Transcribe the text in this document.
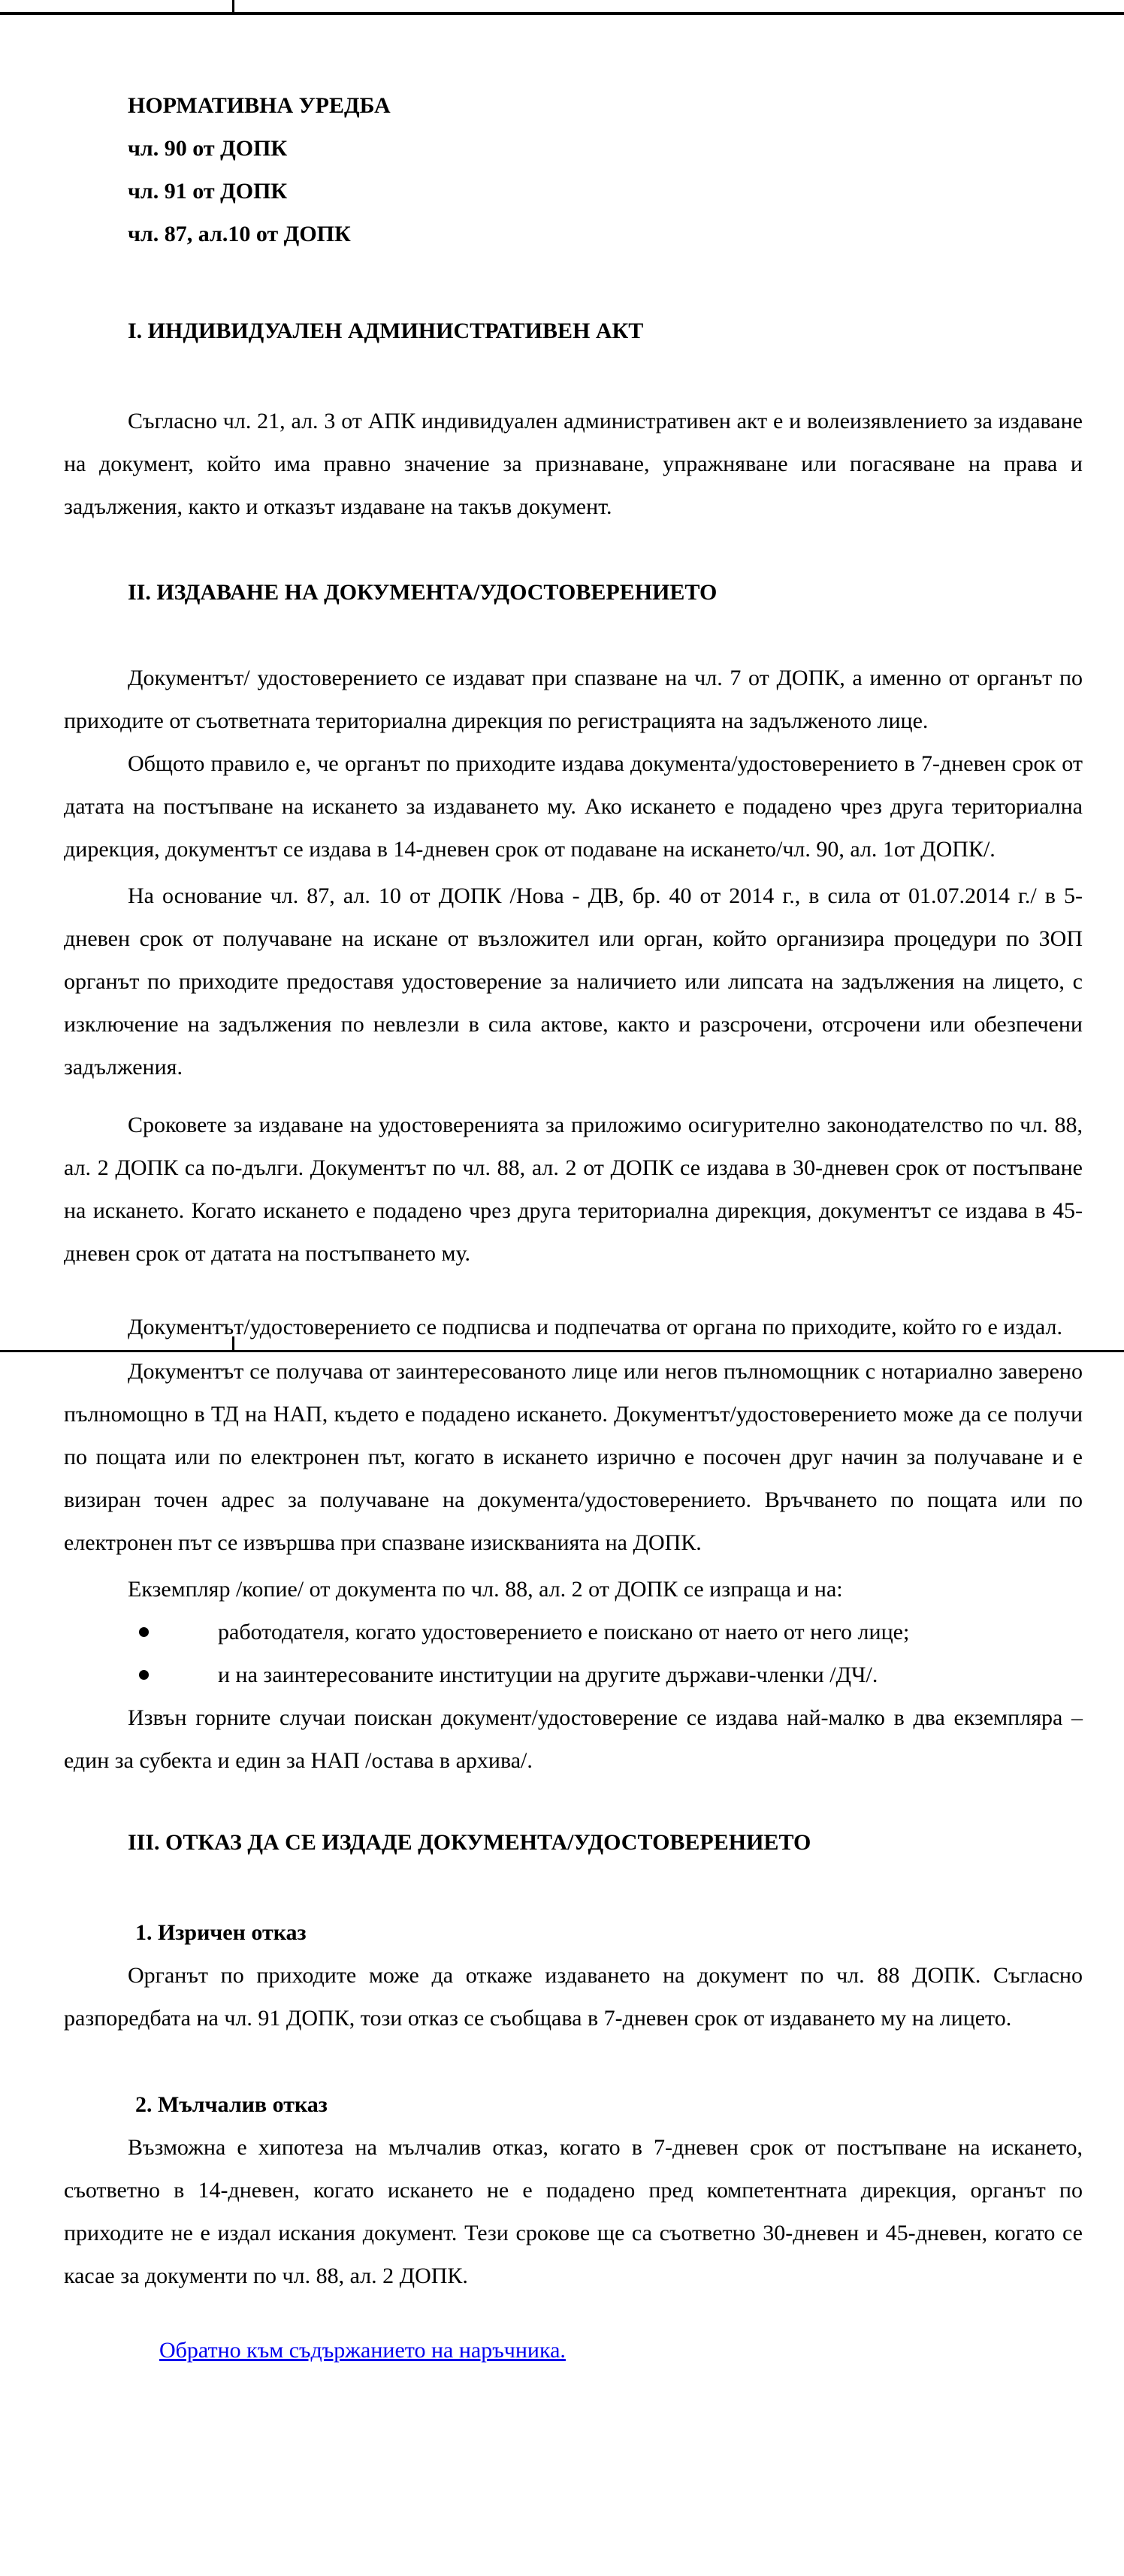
НОРМАТИВНА УРЕДБА

чл. 90 от ДОПК

чл. 91 от ДОПК

чл. 87, ал.10 от ДОПК

I. ИНДИВИДУАЛЕН АДМИНИСТРАТИВЕН АКТ

Съгласно чл. 21, ал. 3 от АПК индивидуален административен акт е и волеизявлението за издаване на документ, който има правно значение за признаване, упражняване или погасяване на права и задължения, както и отказът издаване на такъв документ.

II. ИЗДАВАНЕ НА ДОКУМЕНТА/УДОСТОВЕРЕНИЕТО

Документът/ удостоверението се издават при спазване на чл. 7 от ДОПК, а именно от органът по приходите от съответната териториална дирекция по регистрацията на задълженото лице.

Общото правило е, че органът по приходите издава документа/удостоверението в 7-дневен срок от датата на постъпване на искането за издаването му. Ако искането е подадено чрез друга териториална дирекция, документът се издава в 14-дневен срок от подаване на искането/чл. 90, ал. 1от ДОПК/.

На основание чл. 87, ал. 10 от ДОПК /Нова - ДВ, бр. 40 от 2014 г., в сила от 01.07.2014 г./ в 5-дневен срок от получаване на искане от възложител или орган, който организира процедури по ЗОП органът по приходите предоставя удостоверение за наличието или липсата на задължения на лицето, с изключение на задължения по невлезли в сила актове, както и разсрочени, отсрочени или обезпечени задължения.

Сроковете за издаване на удостоверенията за приложимо осигурително законодателство по чл. 88, ал. 2 ДОПК са по-дълги. Документът по чл. 88, ал. 2 от ДОПК се издава в 30-дневен срок от постъпване на искането. Когато искането е подадено чрез друга териториална дирекция, документът се издава в 45-дневен срок от датата на постъпването му.

Документът/удостоверението се подписва и подпечатва от органа по приходите, който го е издал.

Документът се получава от заинтересованото лице или негов пълномощник с нотариално заверено пълномощно в ТД на НАП, където е подадено искането. Документът/удостоверението може да се получи по пощата или по електронен път, когато в искането изрично е посочен друг начин за получаване и е визиран точен адрес за получаване на документа/удостоверението. Връчването по пощата или по електронен път се извършва при спазване изискванията на ДОПК.

Екземпляр /копие/ от документа по чл. 88, ал. 2 от ДОПК се изпраща и на:

работодателя, когато удостоверението е поискано от наето от него лице;

и на заинтересованите институции на другите държави-членки /ДЧ/.

Извън горните случаи поискан документ/удостоверение се издава най-малко в два екземпляра – един за субекта и един за НАП /остава в архива/.

III. ОТКАЗ ДА СЕ ИЗДАДЕ ДОКУМЕНТА/УДОСТОВЕРЕНИЕТО

1. Изричен отказ

Органът по приходите може да откаже издаването на документ по чл. 88 ДОПК. Съгласно разпоредбата на чл. 91 ДОПК, този отказ се съобщава в 7-дневен срок от издаването му на лицето.

2. Мълчалив отказ

Възможна е хипотеза на мълчалив отказ, когато в 7-дневен срок от постъпване на искането, съответно в 14-дневен, когато искането не е подадено пред компетентната дирекция, органът по приходите не е издал искания документ. Тези срокове ще са съответно 30-дневен и 45-дневен, когато се касае за документи по чл. 88, ал. 2 ДОПК.

Обратно към съдържанието на наръчника.
